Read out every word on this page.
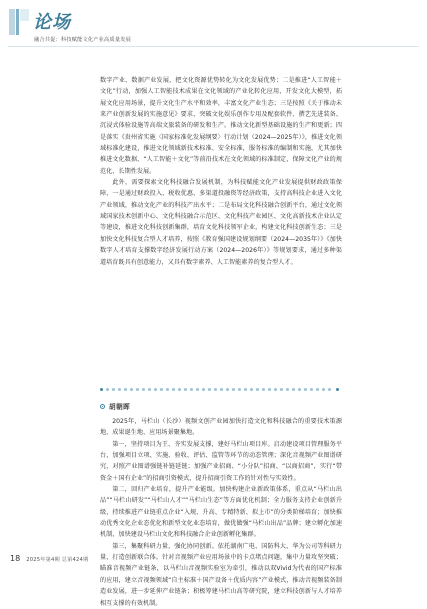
论场
融合共促：科技赋能文化产业高质量发展

数字产业、数据产业发展，把文化资源优势转化为文化发展优势；二是推进“人工智能＋文化”行动，加强人工智能技术成果在文化领域的产业化转化应用，开发文化大模型，拓展文化应用场景，提升文化生产水平和效率，丰富文化产业生态；三是按照《关于推动未来产业创新发展的实施意见》要求，突破文化娱乐创作专用及配套软件、撰艺先进装备、沉浸式体验设施等高端文旅装备的研发和生产。推动文化新型基础设施的生产和更新；四是落实《贵州省实施〈国家标准化发展纲要〉行动计划（2024—2025年）》，推进文化领域标准化建设，推进文化领域新技术标准、安全标准，服务标准的编制和实施，尤其加快推进文化数据、“人工智能＋文化”等前沿技术在文化领域的标准制定，保障文化产业的规范化、长期性发展。

此外，需要探索文化科技融合发展机制，为科技赋能文化产业发展提供财政政策保障，一是通过财政投入、税收优惠、多渠道投融资等经济政策，支持高科技企业进入文化产业领域，推动文化产业的科技产出水平；二是布局文化科技融合创新平台，通过文化领域国家技术创新中心、文化科技融合示范区、文化科技产业园区、文化高新技术企业认定等建设，推进文化科技创新集群，培育文化科技领军企业，构建文化科技创新生态；三是加快文化科技复合型人才培养，按照《教育强国建设规划纲要（2024—2035年）》《加快数字人才培育支撑数字经济发展行动方案（2024—2026年）》等规划要求，通过多种渠道培育既具有创意能力，又具有数字素养、人工智能素养的复合型人才。

胡朝晖

2025年，马栏山（长沙）视频文创产业园加快打造文化和科技融合的重要技术策源地，成果诞生地、应用场景聚集地。

第一，坚持项目为王、夯实发展支撑，建好马栏山项目库。启动建设项目管理服务平台，加强项目立项、实施、验收、评估、监管等环节的动态管理；深化音视频产业图谱研究，对照产业图谱强链补链延链；加强产业招商、“小分队”招商、“以商招商”，实行“带资金＋国有企业”的招商引资模式，提升招商引资工作的针对性与实效性。

第二，回归产业培育，提升产业能级。加快构建企业新政策体系，重点从“马栏山出品”“马栏山研发”“马栏山人才”“马栏山生态”等方面优化机制；全力服务支持企业创新升级，持续推进产业链重点企业“入规、升高、专精特新、拟上市”的分类阶梯培育；加快推动优秀文化企业态优化和新型文化业态培育，做优做强“马栏山出品”品牌；建立孵化加速机制，加快建设马栏山文化和科技融合企业创新孵化集群。

第三，集聚科研力量，强化协同创新。依托湖南广电、国防科大、华为公司等科研力量，打造创新联合体。针对音视频产业应用场景中的卡点堵点问题，集中力量攻坚突破；瞄准音视频产业链条，以马栏山音视频实验室为牵引，推动以双Vivid为代表的国产标准的应用，建立音视频领域“自主标准＋国产设备＋优质内容”产业模式，推动音视频装备制造业发展，进一步延伸产业链条；积极筹建马栏山高等研究院，建立科技创新与人才培养相互支撑的有效机制。

18 2025年第4期 总第424期
